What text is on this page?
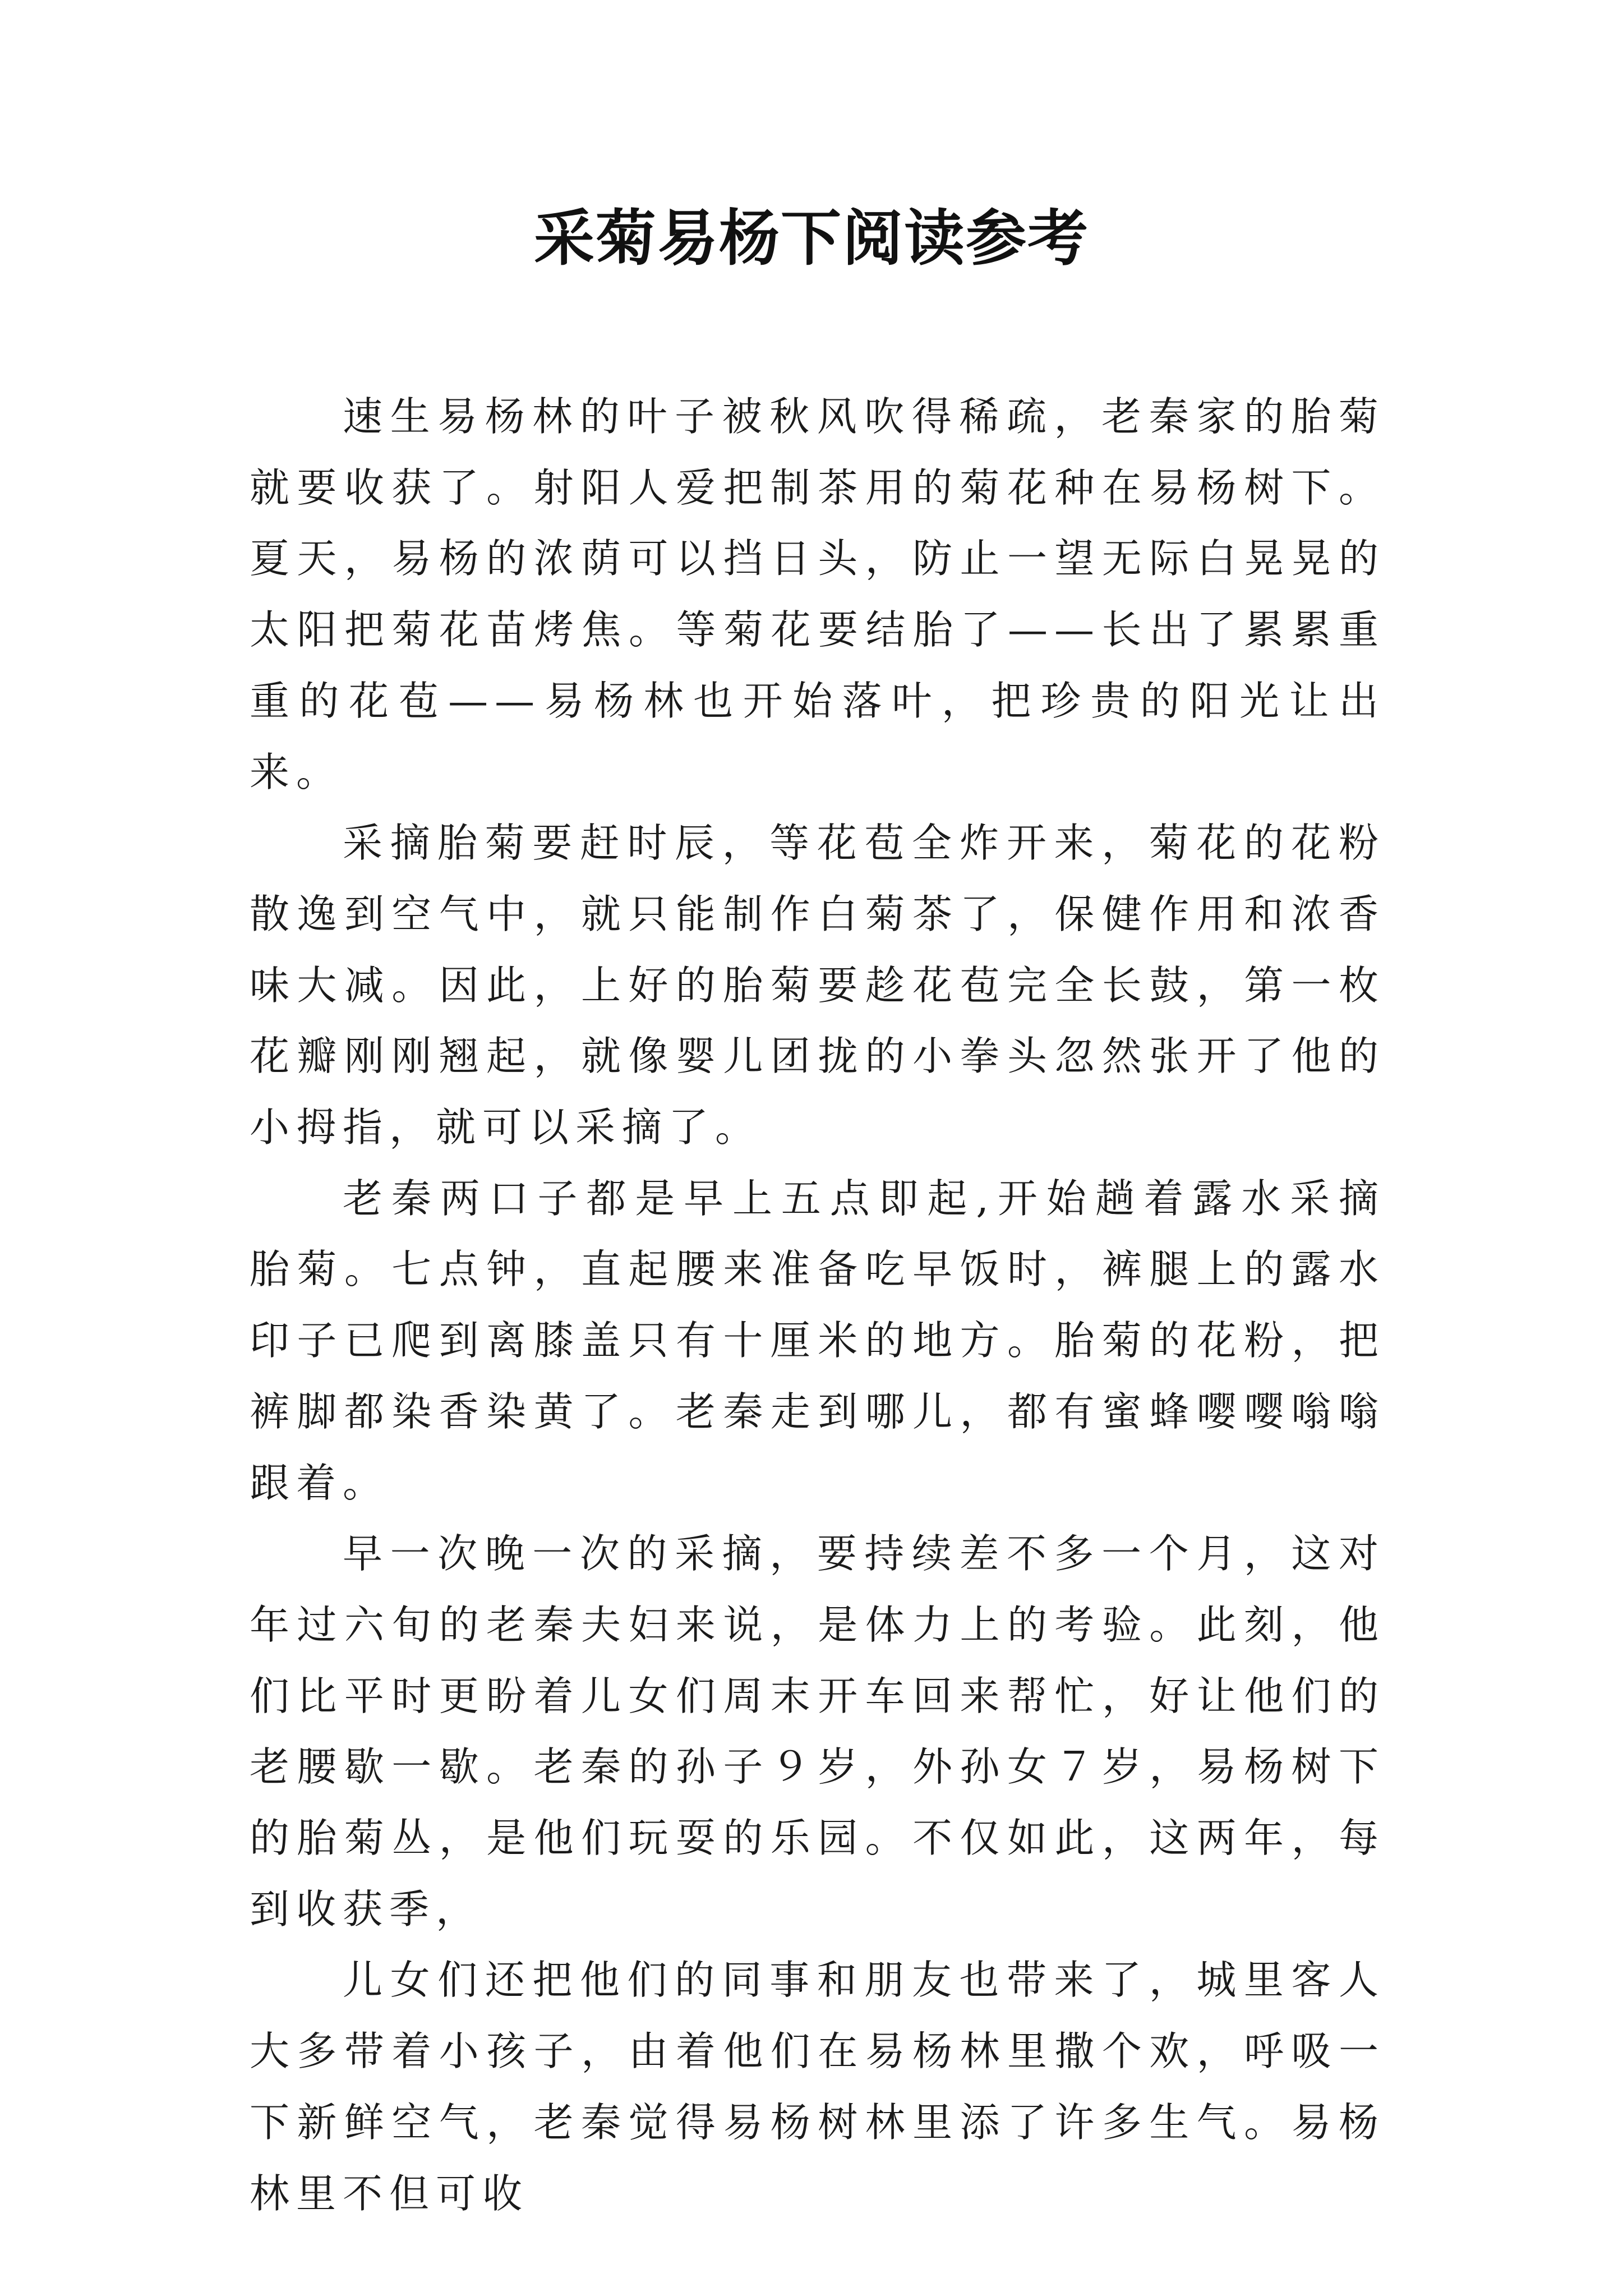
采菊易杨下阅读参考

速生易杨林的叶子被秋风吹得稀疏，老秦家的胎菊就要收获了。射阳人爱把制茶用的菊花种在易杨树下。夏天，易杨的浓荫可以挡日头，防止一望无际白晃晃的太阳把菊花苗烤焦。等菊花要结胎了——长出了累累重重的花苞——易杨林也开始落叶，把珍贵的阳光让出来。

采摘胎菊要赶时辰，等花苞全炸开来，菊花的花粉散逸到空气中，就只能制作白菊茶了，保健作用和浓香味大减。因此，上好的胎菊要趁花苞完全长鼓，第一枚花瓣刚刚翘起，就像婴儿团拢的小拳头忽然张开了他的小拇指，就可以采摘了。

老秦两口子都是早上五点即起,开始趟着露水采摘胎菊。七点钟，直起腰来准备吃早饭时，裤腿上的露水印子已爬到离膝盖只有十厘米的地方。胎菊的花粉，把裤脚都染香染黄了。老秦走到哪儿，都有蜜蜂嘤嘤嗡嗡跟着。

早一次晚一次的采摘，要持续差不多一个月，这对年过六旬的老秦夫妇来说，是体力上的考验。此刻，他们比平时更盼着儿女们周末开车回来帮忙，好让他们的老腰歇一歇。老秦的孙子９岁，外孙女７岁，易杨树下的胎菊丛，是他们玩耍的乐园。不仅如此，这两年，每到收获季，

儿女们还把他们的同事和朋友也带来了，城里客人大多带着小孩子，由着他们在易杨林里撒个欢，呼吸一下新鲜空气，老秦觉得易杨树林里添了许多生气。易杨林里不但可收
